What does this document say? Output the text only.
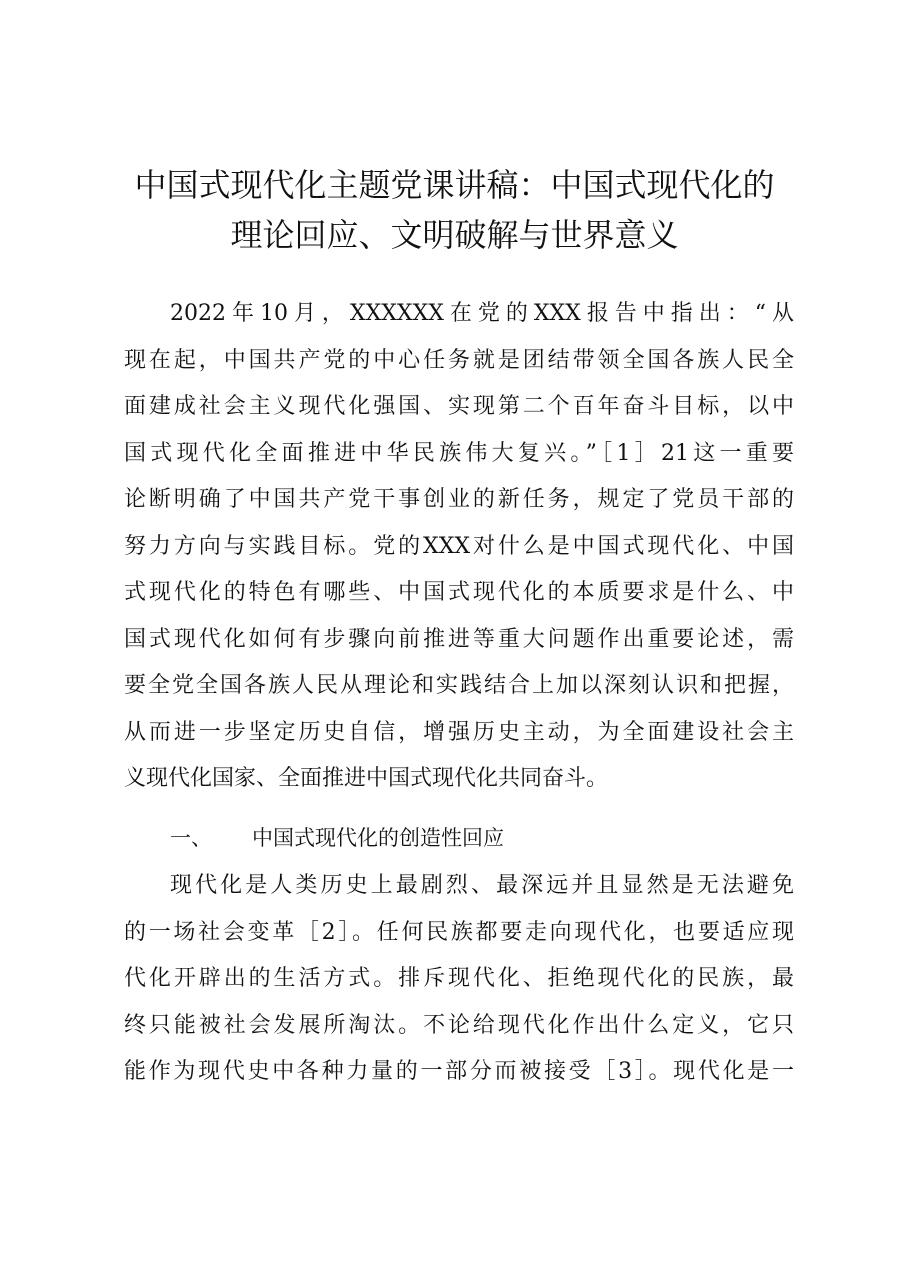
中国式现代化主题党课讲稿：中国式现代化的
理论回应、文明破解与世界意义
2022年10月，XXXXXX在党的XXX报告中指出：“从
现在起，中国共产党的中心任务就是团结带领全国各族人民全
面建成社会主义现代化强国、实现第二个百年奋斗目标，以中
国式现代化全面推进中华民族伟大复兴。”［1］21这一重要
论断明确了中国共产党干事创业的新任务，规定了党员干部的
努力方向与实践目标。党的XXX对什么是中国式现代化、中国
式现代化的特色有哪些、中国式现代化的本质要求是什么、中
国式现代化如何有步骤向前推进等重大问题作出重要论述，需
要全党全国各族人民从理论和实践结合上加以深刻认识和把握，
从而进一步坚定历史自信，增强历史主动，为全面建设社会主
义现代化国家、全面推进中国式现代化共同奋斗。
一、 中国式现代化的创造性回应
现代化是人类历史上最剧烈、最深远并且显然是无法避免
的一场社会变革［2］。任何民族都要走向现代化，也要适应现
代化开辟出的生活方式。排斥现代化、拒绝现代化的民族，最
终只能被社会发展所淘汰。不论给现代化作出什么定义，它只
能作为现代史中各种力量的一部分而被接受［3］。现代化是一
